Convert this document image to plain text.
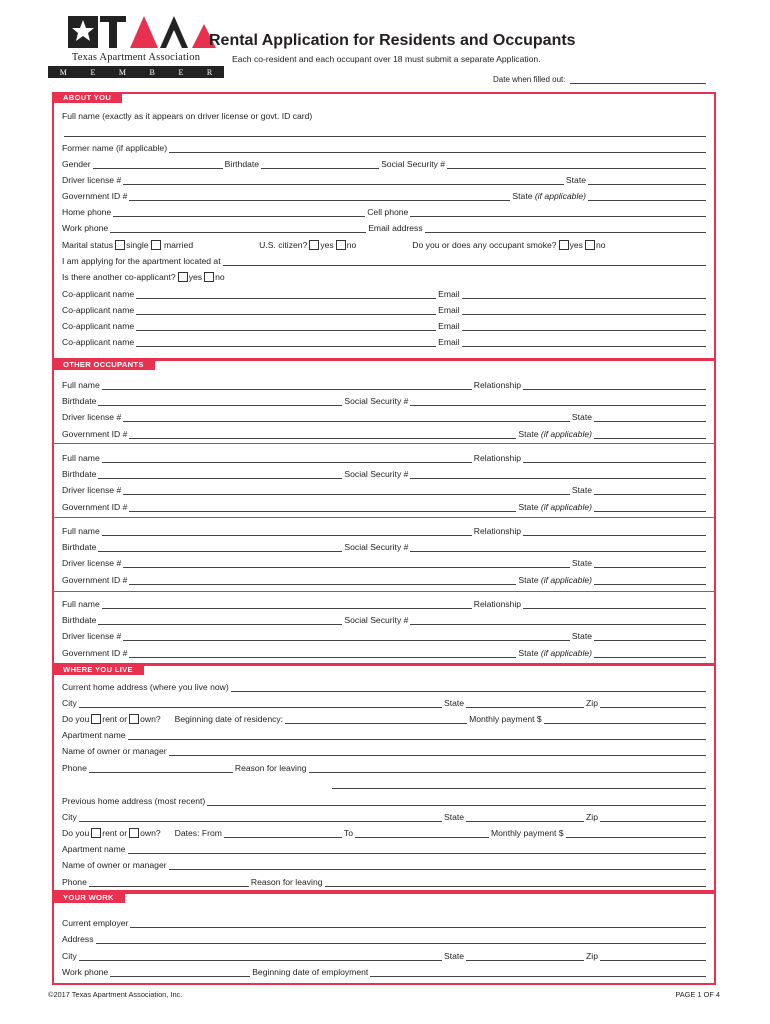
Texas Apartment Association
M	E	M	B	E	R
Rental Application for Residents and Occupants
Each co-resident and each occupant over 18 must submit a separate Application.
Date when filled out:
ABOUT YOU
Full name (exactly as it appears on driver license or govt. ID card)
Former name (if applicable)
Gender	Birthdate	Social Security #
Driver license #	State
Government ID #	State
(if applicable)
Home phone	Cell phone
Work phone	Email address
Marital status single
married	U.S. citizen? yes no	Do you or does any occupant smoke? yes no
I am applying for the apartment located at
Is there another co-applicant? yes no
Co-applicant name	Email
Co-applicant name	Email
Co-applicant name	Email
Co-applicant name	Email
OTHER OCCUPANTS
Full name	Relationship
Birthdate	Social Security #
Driver license #	State
Government ID #	State
(if applicable)
Full name	Relationship
Birthdate	Social Security #
Driver license #	State
Government ID #	State
(if applicable)
Full name	Relationship
Birthdate	Social Security #
Driver license #	State
Government ID #	State
(if applicable)
Full name	Relationship
Birthdate	Social Security #
Driver license #	State
Government ID #	State
(if applicable)
WHERE YOU LIVE
Current home address (where you live now)
City	State	Zip
Do you rent or own? Beginning date of residency:	Monthly payment $
Apartment name
Name of owner or manager
Phone	Reason for leaving
Previous home address (most recent)
City	State	Zip
Do you rent or own? Dates: From	To	Monthly payment $
Apartment name
Name of owner or manager
Phone	Reason for leaving
YOUR WORK
Current employer
Address
City	State	Zip
Work phone	Beginning date of employment
©2017 Texas Apartment Association, Inc.	PAGE 1 OF 4
